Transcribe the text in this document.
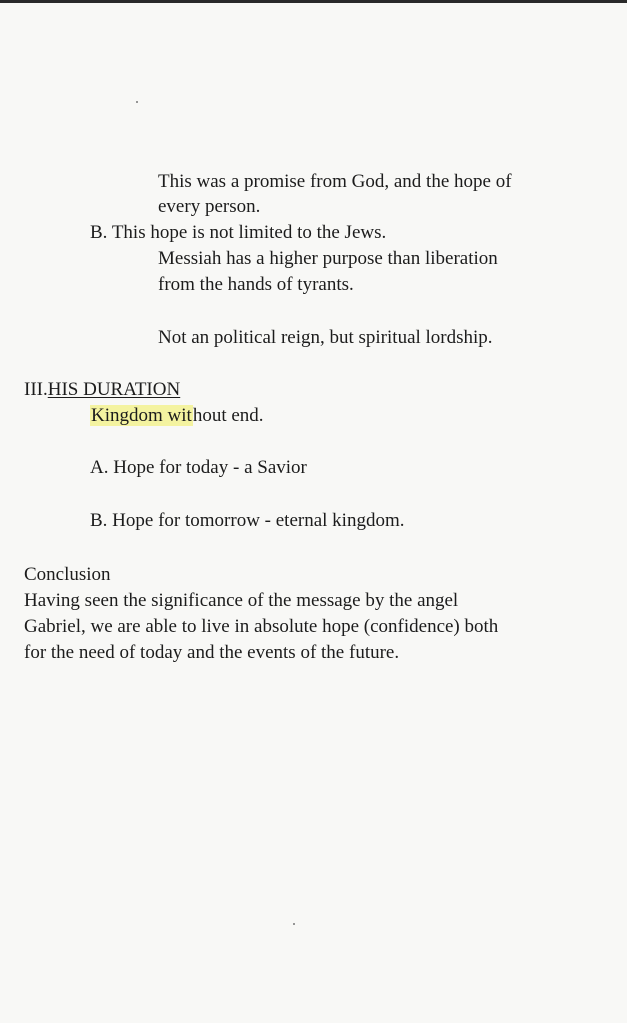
This was a promise from God, and the hope of
every person.
B. This hope is not limited to the Jews.
Messiah has a higher purpose than liberation
from the hands of tyrants.
Not an political reign, but spiritual lordship.
III.HIS DURATION
Kingdom without end.
A. Hope for today - a Savior
B. Hope for tomorrow - eternal kingdom.
Conclusion
Having seen the significance of the message by the angel
Gabriel, we are able to live in absolute hope (confidence) both
for the need of today and the events of the future.
